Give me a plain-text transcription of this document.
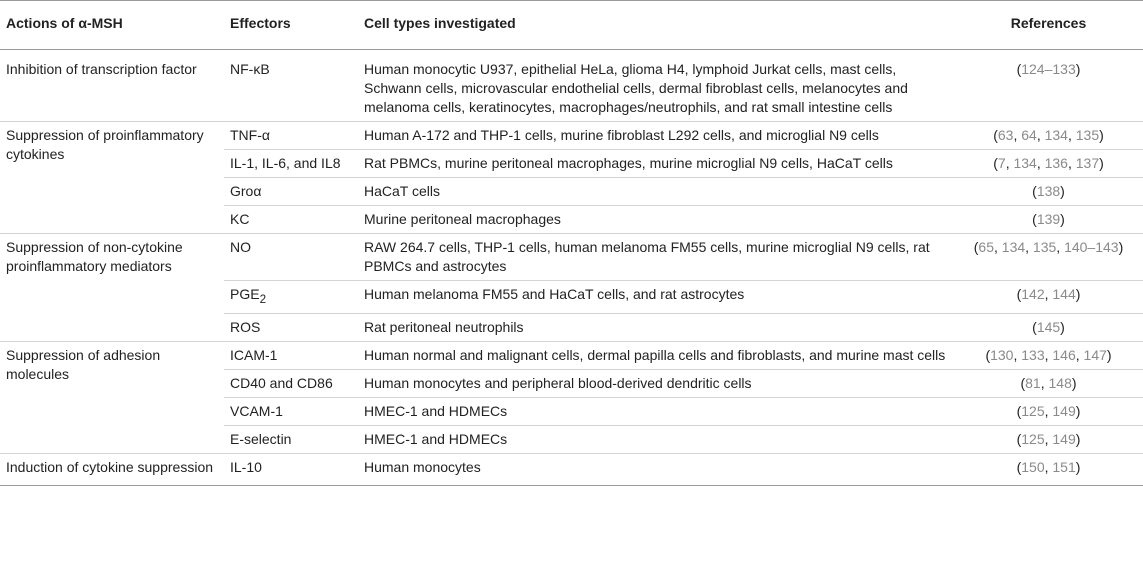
Actions of α-MSH	Effectors	Cell types investigated	References
Inhibition of transcription factor	NF-κB	Human monocytic U937, epithelial HeLa, glioma H4, lymphoid Jurkat cells, mast cells, Schwann cells, microvascular endothelial cells, dermal fibroblast cells, melanocytes and melanoma cells, keratinocytes, macrophages/neutrophils, and rat small intestine cells	(124–133)
Suppression of proinflammatory cytokines	TNF-α	Human A-172 and THP-1 cells, murine fibroblast L292 cells, and microglial N9 cells	(63, 64, 134, 135)
	IL-1, IL-6, and IL8	Rat PBMCs, murine peritoneal macrophages, murine microglial N9 cells, HaCaT cells	(7, 134, 136, 137)
	Groα	HaCaT cells	(138)
	KC	Murine peritoneal macrophages	(139)
Suppression of non-cytokine proinflammatory mediators	NO	RAW 264.7 cells, THP-1 cells, human melanoma FM55 cells, murine microglial N9 cells, rat PBMCs and astrocytes	(65, 134, 135, 140–143)
	$PGE_2$	Human melanoma FM55 and HaCaT cells, and rat astrocytes	(142, 144)
	ROS	Rat peritoneal neutrophils	(145)
Suppression of adhesion molecules	ICAM-1	Human normal and malignant cells, dermal papilla cells and fibroblasts, and murine mast cells	(130, 133, 146, 147)
	CD40 and CD86	Human monocytes and peripheral blood-derived dendritic cells	(81, 148)
	VCAM-1	HMEC-1 and HDMECs	(125, 149)
	E-selectin	HMEC-1 and HDMECs	(125, 149)
Induction of cytokine suppression	IL-10	Human monocytes	(150, 151)
